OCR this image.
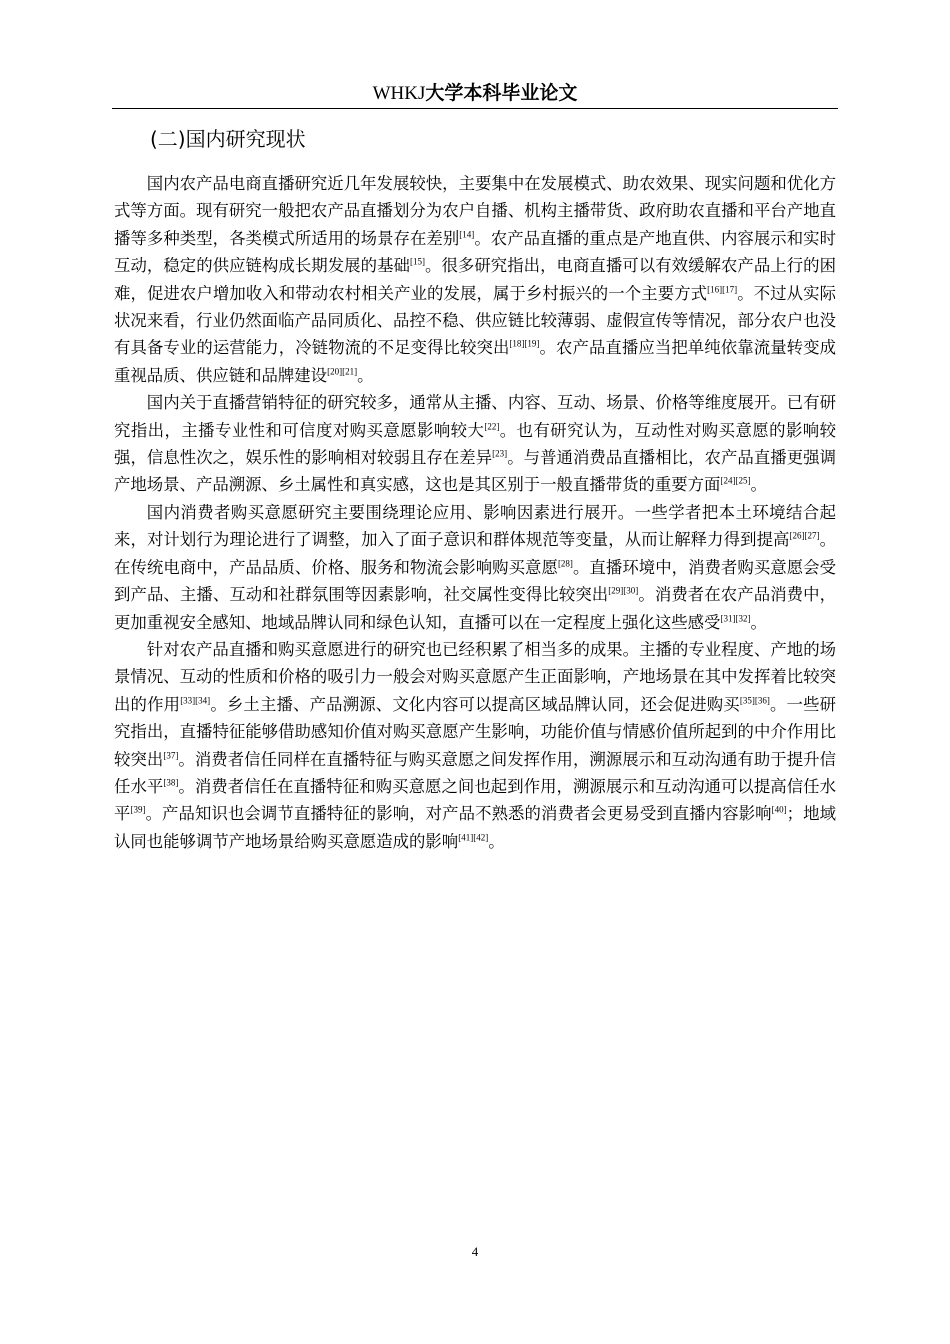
WHKJ大学本科毕业论文
(二)国内研究现状

国内农产品电商直播研究近几年发展较快，主要集中在发展模式、助农效果、现实问题和优化方式等方面。现有研究一般把农产品直播划分为农户自播、机构主播带货、政府助农直播和平台产地直播等多种类型，各类模式所适用的场景存在差别[14]。农产品直播的重点是产地直供、内容展示和实时互动，稳定的供应链构成长期发展的基础[15]。很多研究指出，电商直播可以有效缓解农产品上行的困难，促进农户增加收入和带动农村相关产业的发展，属于乡村振兴的一个主要方式[16][17]。不过从实际状况来看，行业仍然面临产品同质化、品控不稳、供应链比较薄弱、虚假宣传等情况，部分农户也没有具备专业的运营能力，冷链物流的不足变得比较突出[18][19]。农产品直播应当把单纯依靠流量转变成重视品质、供应链和品牌建设[20][21]。

国内关于直播营销特征的研究较多，通常从主播、内容、互动、场景、价格等维度展开。已有研究指出，主播专业性和可信度对购买意愿影响较大[22]。也有研究认为，互动性对购买意愿的影响较强，信息性次之，娱乐性的影响相对较弱且存在差异[23]。与普通消费品直播相比，农产品直播更强调产地场景、产品溯源、乡土属性和真实感，这也是其区别于一般直播带货的重要方面[24][25]。

国内消费者购买意愿研究主要围绕理论应用、影响因素进行展开。一些学者把本土环境结合起来，对计划行为理论进行了调整，加入了面子意识和群体规范等变量，从而让解释力得到提高[26][27]。在传统电商中，产品品质、价格、服务和物流会影响购买意愿[28]。直播环境中，消费者购买意愿会受到产品、主播、互动和社群氛围等因素影响，社交属性变得比较突出[29][30]。消费者在农产品消费中，更加重视安全感知、地域品牌认同和绿色认知，直播可以在一定程度上强化这些感受[31][32]。

针对农产品直播和购买意愿进行的研究也已经积累了相当多的成果。主播的专业程度、产地的场景情况、互动的性质和价格的吸引力一般会对购买意愿产生正面影响，产地场景在其中发挥着比较突出的作用[33][34]。乡土主播、产品溯源、文化内容可以提高区域品牌认同，还会促进购买[35][36]。一些研究指出，直播特征能够借助感知价值对购买意愿产生影响，功能价值与情感价值所起到的中介作用比较突出[37]。消费者信任同样在直播特征与购买意愿之间发挥作用，溯源展示和互动沟通有助于提升信任水平[38]。消费者信任在直播特征和购买意愿之间也起到作用，溯源展示和互动沟通可以提高信任水平[39]。产品知识也会调节直播特征的影响，对产品不熟悉的消费者会更易受到直播内容影响[40]；地域认同也能够调节产地场景给购买意愿造成的影响[41][42]。

4
